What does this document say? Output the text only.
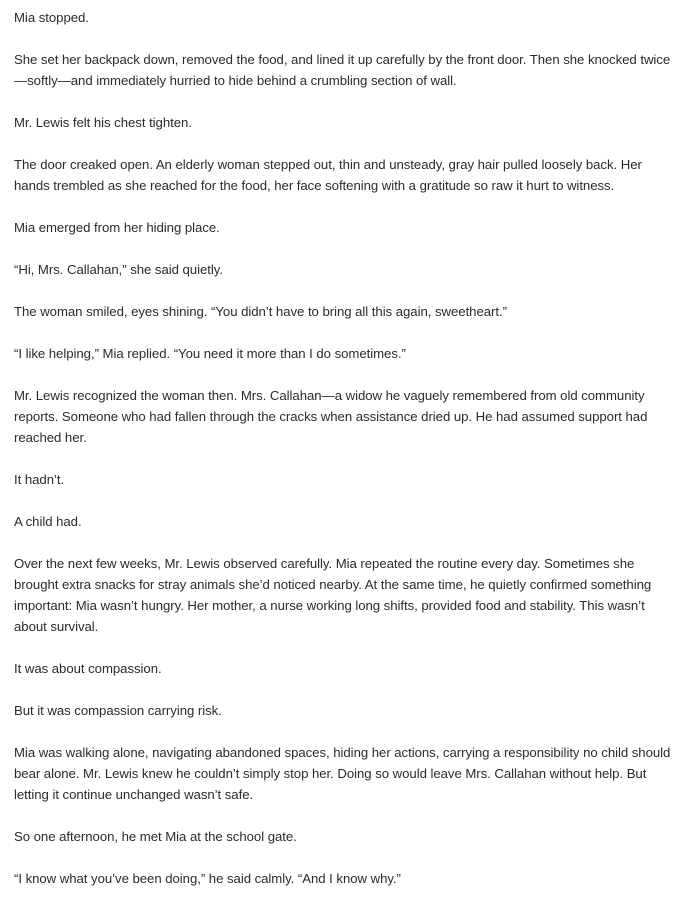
Mia stopped.

She set her backpack down, removed the food, and lined it up carefully by the front door. Then she knocked twice—softly—and immediately hurried to hide behind a crumbling section of wall.

Mr. Lewis felt his chest tighten.

The door creaked open. An elderly woman stepped out, thin and unsteady, gray hair pulled loosely back. Her hands trembled as she reached for the food, her face softening with a gratitude so raw it hurt to witness.

Mia emerged from her hiding place.

“Hi, Mrs. Callahan,” she said quietly.

The woman smiled, eyes shining. “You didn’t have to bring all this again, sweetheart.”

“I like helping,” Mia replied. “You need it more than I do sometimes.”

Mr. Lewis recognized the woman then. Mrs. Callahan—a widow he vaguely remembered from old community reports. Someone who had fallen through the cracks when assistance dried up. He had assumed support had reached her.

It hadn’t.

A child had.

Over the next few weeks, Mr. Lewis observed carefully. Mia repeated the routine every day. Sometimes she brought extra snacks for stray animals she’d noticed nearby. At the same time, he quietly confirmed something important: Mia wasn’t hungry. Her mother, a nurse working long shifts, provided food and stability. This wasn’t about survival.

It was about compassion.

But it was compassion carrying risk.

Mia was walking alone, navigating abandoned spaces, hiding her actions, carrying a responsibility no child should bear alone. Mr. Lewis knew he couldn’t simply stop her. Doing so would leave Mrs. Callahan without help. But letting it continue unchanged wasn’t safe.

So one afternoon, he met Mia at the school gate.

“I know what you’ve been doing,” he said calmly. “And I know why.”
